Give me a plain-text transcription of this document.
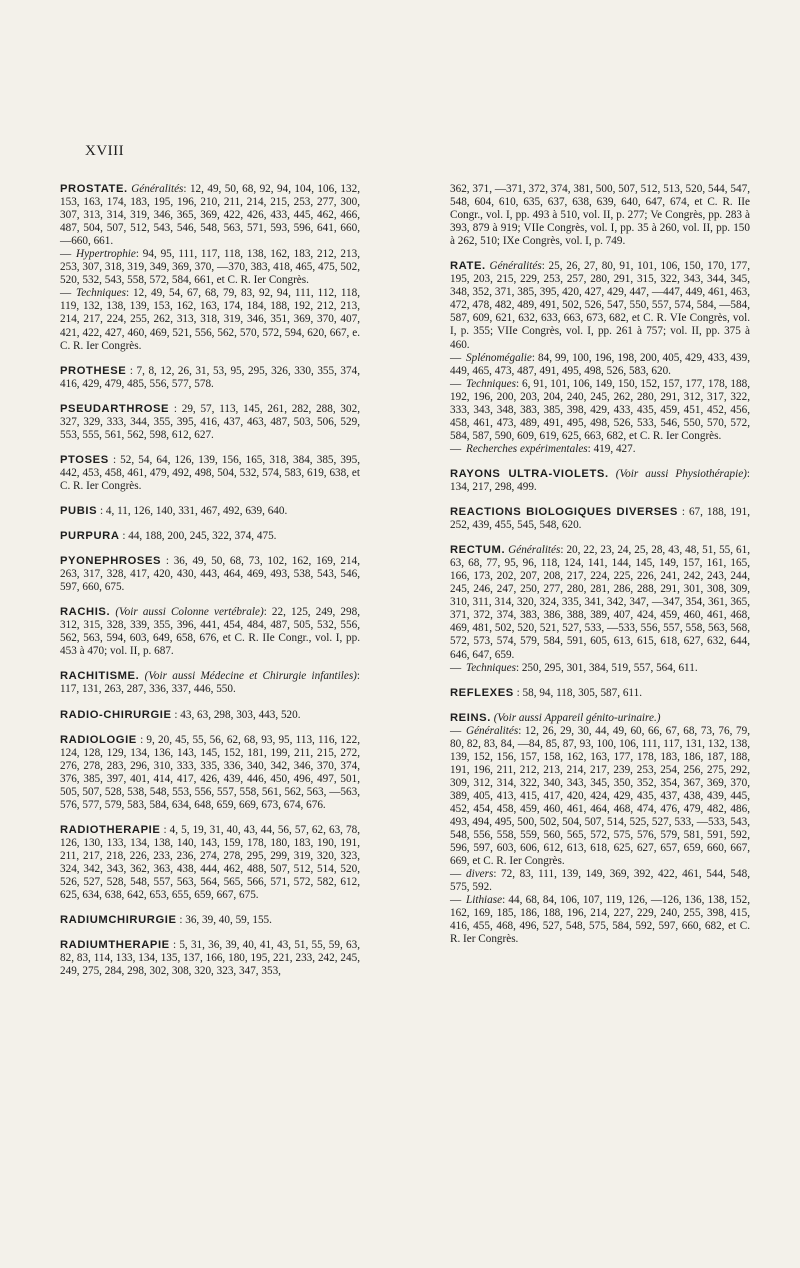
XVIII
PROSTATE. Généralités: 12, 49, 50, 68, 92, 94, 104, 106, 132, 153, 163, 174, 183, 195, 196, 210, 211, 214, 215, 253, 277, 300, 307, 313, 314, 319, 346, 365, 369, 422, 426, 433, 445, 462, 466, 487, 504, 507, 512, 543, 546, 548, 563, 571, 593, 596, 641, 660, —660, 661.
— Hypertrophie: 94, 95, 111, 117, 118, 138, 162, 183, 212, 213, 253, 307, 318, 319, 349, 369, 370, —370, 383, 418, 465, 475, 502, 520, 532, 543, 558, 572, 584, 661, et C. R. Ier Congrès.
— Techniques: 12, 49, 54, 67, 68, 79, 83, 92, 94, 111, 112, 118, 119, 132, 138, 139, 153, 162, 163, 174, 184, 188, 192, 212, 213, 214, 217, 224, 255, 262, 313, 318, 319, 346, 351, 369, 370, 407, 421, 422, 427, 460, 469, 521, 556, 562, 570, 572, 594, 620, 667, e. C. R. Ier Congrès.
PROTHESE : 7, 8, 12, 26, 31, 53, 95, 295, 326, 330, 355, 374, 416, 429, 479, 485, 556, 577, 578.
PSEUDARTHROSE : 29, 57, 113, 145, 261, 282, 288, 302, 327, 329, 333, 344, 355, 395, 416, 437, 463, 487, 503, 506, 529, 553, 555, 561, 562, 598, 612, 627.
PTOSES : 52, 54, 64, 126, 139, 156, 165, 318, 384, 385, 395, 442, 453, 458, 461, 479, 492, 498, 504, 532, 574, 583, 619, 638, et C. R. Ier Congrès.
PUBIS : 4, 11, 126, 140, 331, 467, 492, 639, 640.
PURPURA : 44, 188, 200, 245, 322, 374, 475.
PYONEPHROSES : 36, 49, 50, 68, 73, 102, 162, 169, 214, 263, 317, 328, 417, 420, 430, 443, 464, 469, 493, 538, 543, 546, 597, 660, 675.
RACHIS. (Voir aussi Colonne vertébrale): 22, 125, 249, 298, 312, 315, 328, 339, 355, 396, 441, 454, 484, 487, 505, 532, 556, 562, 563, 594, 603, 649, 658, 676, et C. R. IIe Congr., vol. I, pp. 453 à 470; vol. II, p. 687.
RACHITISME. (Voir aussi Médecine et Chirurgie infantiles): 117, 131, 263, 287, 336, 337, 446, 550.
RADIO-CHIRURGIE : 43, 63, 298, 303, 443, 520.
RADIOLOGIE : 9, 20, 45, 55, 56, 62, 68, 93, 95, 113, 116, 122, 124, 128, 129, 134, 136, 143, 145, 152, 181, 199, 211, 215, 272, 276, 278, 283, 296, 310, 333, 335, 336, 340, 342, 346, 370, 374, 376, 385, 397, 401, 414, 417, 426, 439, 446, 450, 496, 497, 501, 505, 507, 528, 538, 548, 553, 556, 557, 558, 561, 562, 563, —563, 576, 577, 579, 583, 584, 634, 648, 659, 669, 673, 674, 676.
RADIOTHERAPIE : 4, 5, 19, 31, 40, 43, 44, 56, 57, 62, 63, 78, 126, 130, 133, 134, 138, 140, 143, 159, 178, 180, 183, 190, 191, 211, 217, 218, 226, 233, 236, 274, 278, 295, 299, 319, 320, 323, 324, 342, 343, 362, 363, 438, 444, 462, 488, 507, 512, 514, 520, 526, 527, 528, 548, 557, 563, 564, 565, 566, 571, 572, 582, 612, 625, 634, 638, 642, 653, 655, 659, 667, 675.
RADIUMCHIRURGIE : 36, 39, 40, 59, 155.
RADIUMTHERAPIE : 5, 31, 36, 39, 40, 41, 43, 51, 55, 59, 63, 82, 83, 114, 133, 134, 135, 137, 166, 180, 195, 221, 233, 242, 245, 249, 275, 284, 298, 302, 308, 320, 323, 347, 353,
362, 371, —371, 372, 374, 381, 500, 507, 512, 513, 520, 544, 547, 548, 604, 610, 635, 637, 638, 639, 640, 647, 674, et C. R. IIe Congr., vol. I, pp. 493 à 510, vol. II, p. 277; Ve Congrès, pp. 283 à 393, 879 à 919; VIIe Congrès, vol. I, pp. 35 à 260, vol. II, pp. 150 à 262, 510; IXe Congrès, vol. I, p. 749.
RATE. Généralités: 25, 26, 27, 80, 91, 101, 106, 150, 170, 177, 195, 203, 215, 229, 253, 257, 280, 291, 315, 322, 343, 344, 345, 348, 352, 371, 385, 395, 420, 427, 429, 447, —447, 449, 461, 463, 472, 478, 482, 489, 491, 502, 526, 547, 550, 557, 574, 584, —584, 587, 609, 621, 632, 633, 663, 673, 682, et C. R. VIe Congrès, vol. I, p. 355; VIIe Congrès, vol. I, pp. 261 à 757; vol. II, pp. 375 à 460.
— Splénomégalie: 84, 99, 100, 196, 198, 200, 405, 429, 433, 439, 449, 465, 473, 487, 491, 495, 498, 526, 583, 620.
— Techniques: 6, 91, 101, 106, 149, 150, 152, 157, 177, 178, 188, 192, 196, 200, 203, 204, 240, 245, 262, 280, 291, 312, 317, 322, 333, 343, 348, 383, 385, 398, 429, 433, 435, 459, 451, 452, 456, 458, 461, 473, 489, 491, 495, 498, 526, 533, 546, 550, 570, 572, 584, 587, 590, 609, 619, 625, 663, 682, et C. R. Ier Congrès.
— Recherches expérimentales: 419, 427.
RAYONS ULTRA-VIOLETS. (Voir aussi Physiothérapie): 134, 217, 298, 499.
REACTIONS BIOLOGIQUES DIVERSES : 67, 188, 191, 252, 439, 455, 545, 548, 620.
RECTUM. Généralités: 20, 22, 23, 24, 25, 28, 43, 48, 51, 55, 61, 63, 68, 77, 95, 96, 118, 124, 141, 144, 145, 149, 157, 161, 165, 166, 173, 202, 207, 208, 217, 224, 225, 226, 241, 242, 243, 244, 245, 246, 247, 250, 277, 280, 281, 286, 288, 291, 301, 308, 309, 310, 311, 314, 320, 324, 335, 341, 342, 347, —347, 354, 361, 365, 371, 372, 374, 383, 386, 388, 389, 407, 424, 459, 460, 461, 468, 469, 481, 502, 520, 521, 527, 533, —533, 556, 557, 558, 563, 568, 572, 573, 574, 579, 584, 591, 605, 613, 615, 618, 627, 632, 644, 646, 647, 659.
— Techniques: 250, 295, 301, 384, 519, 557, 564, 611.
REFLEXES : 58, 94, 118, 305, 587, 611.
REINS. (Voir aussi Appareil génito-urinaire.)
— Généralités: 12, 26, 29, 30, 44, 49, 60, 66, 67, 68, 73, 76, 79, 80, 82, 83, 84, —84, 85, 87, 93, 100, 106, 111, 117, 131, 132, 138, 139, 152, 156, 157, 158, 162, 163, 177, 178, 183, 186, 187, 188, 191, 196, 211, 212, 213, 214, 217, 239, 253, 254, 256, 275, 292, 309, 312, 314, 322, 340, 343, 345, 350, 352, 354, 367, 369, 370, 389, 405, 413, 415, 417, 420, 424, 429, 435, 437, 438, 439, 445, 452, 454, 458, 459, 460, 461, 464, 468, 474, 476, 479, 482, 486, 493, 494, 495, 500, 502, 504, 507, 514, 525, 527, 533, —533, 543, 548, 556, 558, 559, 560, 565, 572, 575, 576, 579, 581, 591, 592, 596, 597, 603, 606, 612, 613, 618, 625, 627, 657, 659, 660, 667, 669, et C. R. Ier Congrès.
— divers: 72, 83, 111, 139, 149, 369, 392, 422, 461, 544, 548, 575, 592.
— Lithiase: 44, 68, 84, 106, 107, 119, 126, —126, 136, 138, 152, 162, 169, 185, 186, 188, 196, 214, 227, 229, 240, 255, 398, 415, 416, 455, 468, 496, 527, 548, 575, 584, 592, 597, 660, 682, et C. R. Ier Congrès.
